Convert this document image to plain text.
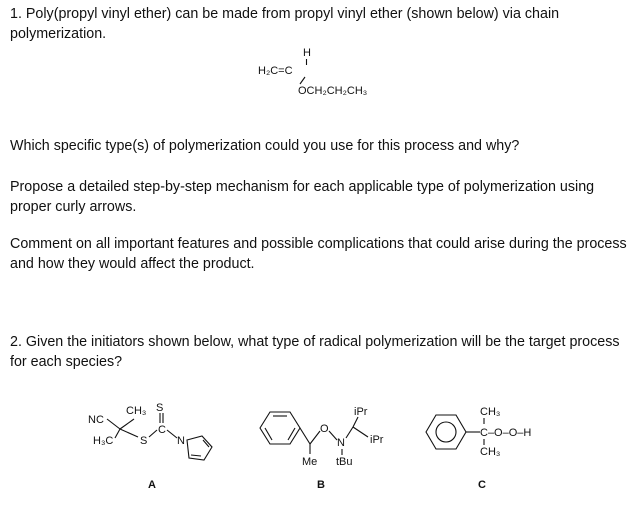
1. Poly(propyl vinyl ether) can be made from propyl vinyl ether (shown below) via chain polymerization.

Which specific type(s) of polymerization could you use for this process and why?

Propose a detailed step-by-step mechanism for each applicable type of polymerization using proper curly arrows.

Comment on all important features and possible complications that could arise during the process and how they would affect the product.

2. Given the initiators shown below, what type of radical polymerization will be the target process for each species?

H
H₂C=C
OCH₂CH₂CH₃
NC
H₃C
CH₃
S
C
S
N
A
O
N
iPr
iPr
Me tBu
B
CH₃
C–O–O–H
CH₃
C
